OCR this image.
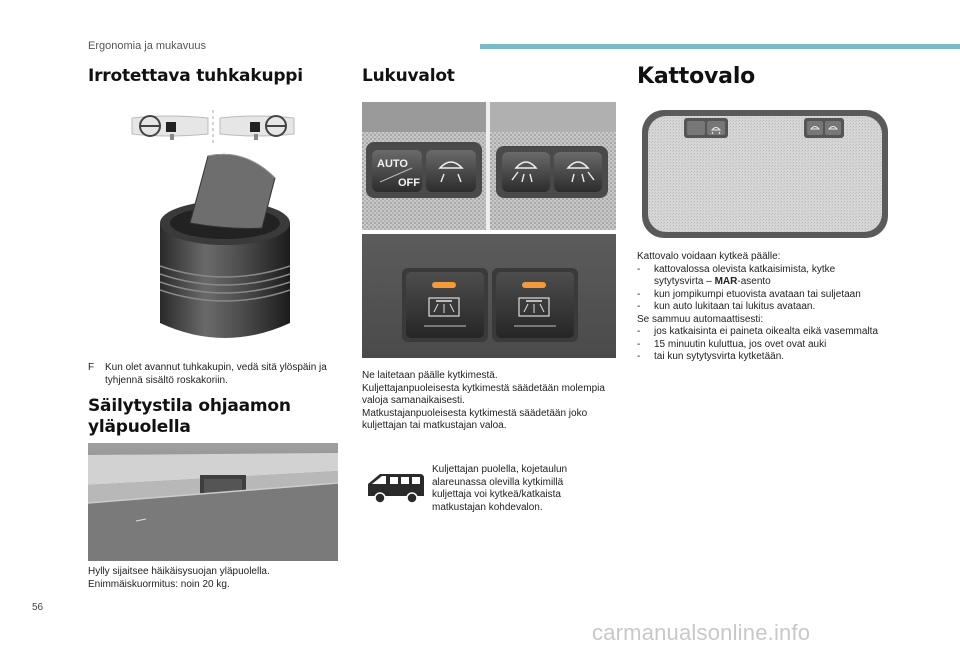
Ergonomia ja mukavuus
Irrotettava tuhkakuppi
F	Kun olet avannut tuhkakupin, vedä sitä ylöspäin ja tyhjennä sisältö roskakoriin.
Säilytystila ohjaamon yläpuolella

Hylly sijaitsee häikäisysuojan yläpuolella.

Enimmäiskuormitus: noin 20 kg.

Lukuvalot
AUTO
OFF

Ne laitetaan päälle kytkimestä.

Kuljettajanpuoleisesta kytkimestä säädetään molempia valoja samanaikaisesti.

Matkustajanpuoleisesta kytkimestä säädetään joko kuljettajan tai matkustajan valoa.

Kuljettajan puolella, kojetaulun alareunassa olevilla kytkimillä kuljettaja voi kytkeä/katkaista matkustajan kohdevalon.
Kattovalo

Kattovalo voidaan kytkeä päälle:

-	kattovalossa olevista katkaisimista, kytke sytytysvirta – MAR-asento
-	kun jompikumpi etuovista avataan tai suljetaan
-	kun auto lukitaan tai lukitus avataan.

Se sammuu automaattisesti:

-	jos katkaisinta ei paineta oikealta eikä vasemmalta
-	15 minuutin kuluttua, jos ovet ovat auki
-	tai kun sytytysvirta kytketään.
56
carmanualsonline.info
